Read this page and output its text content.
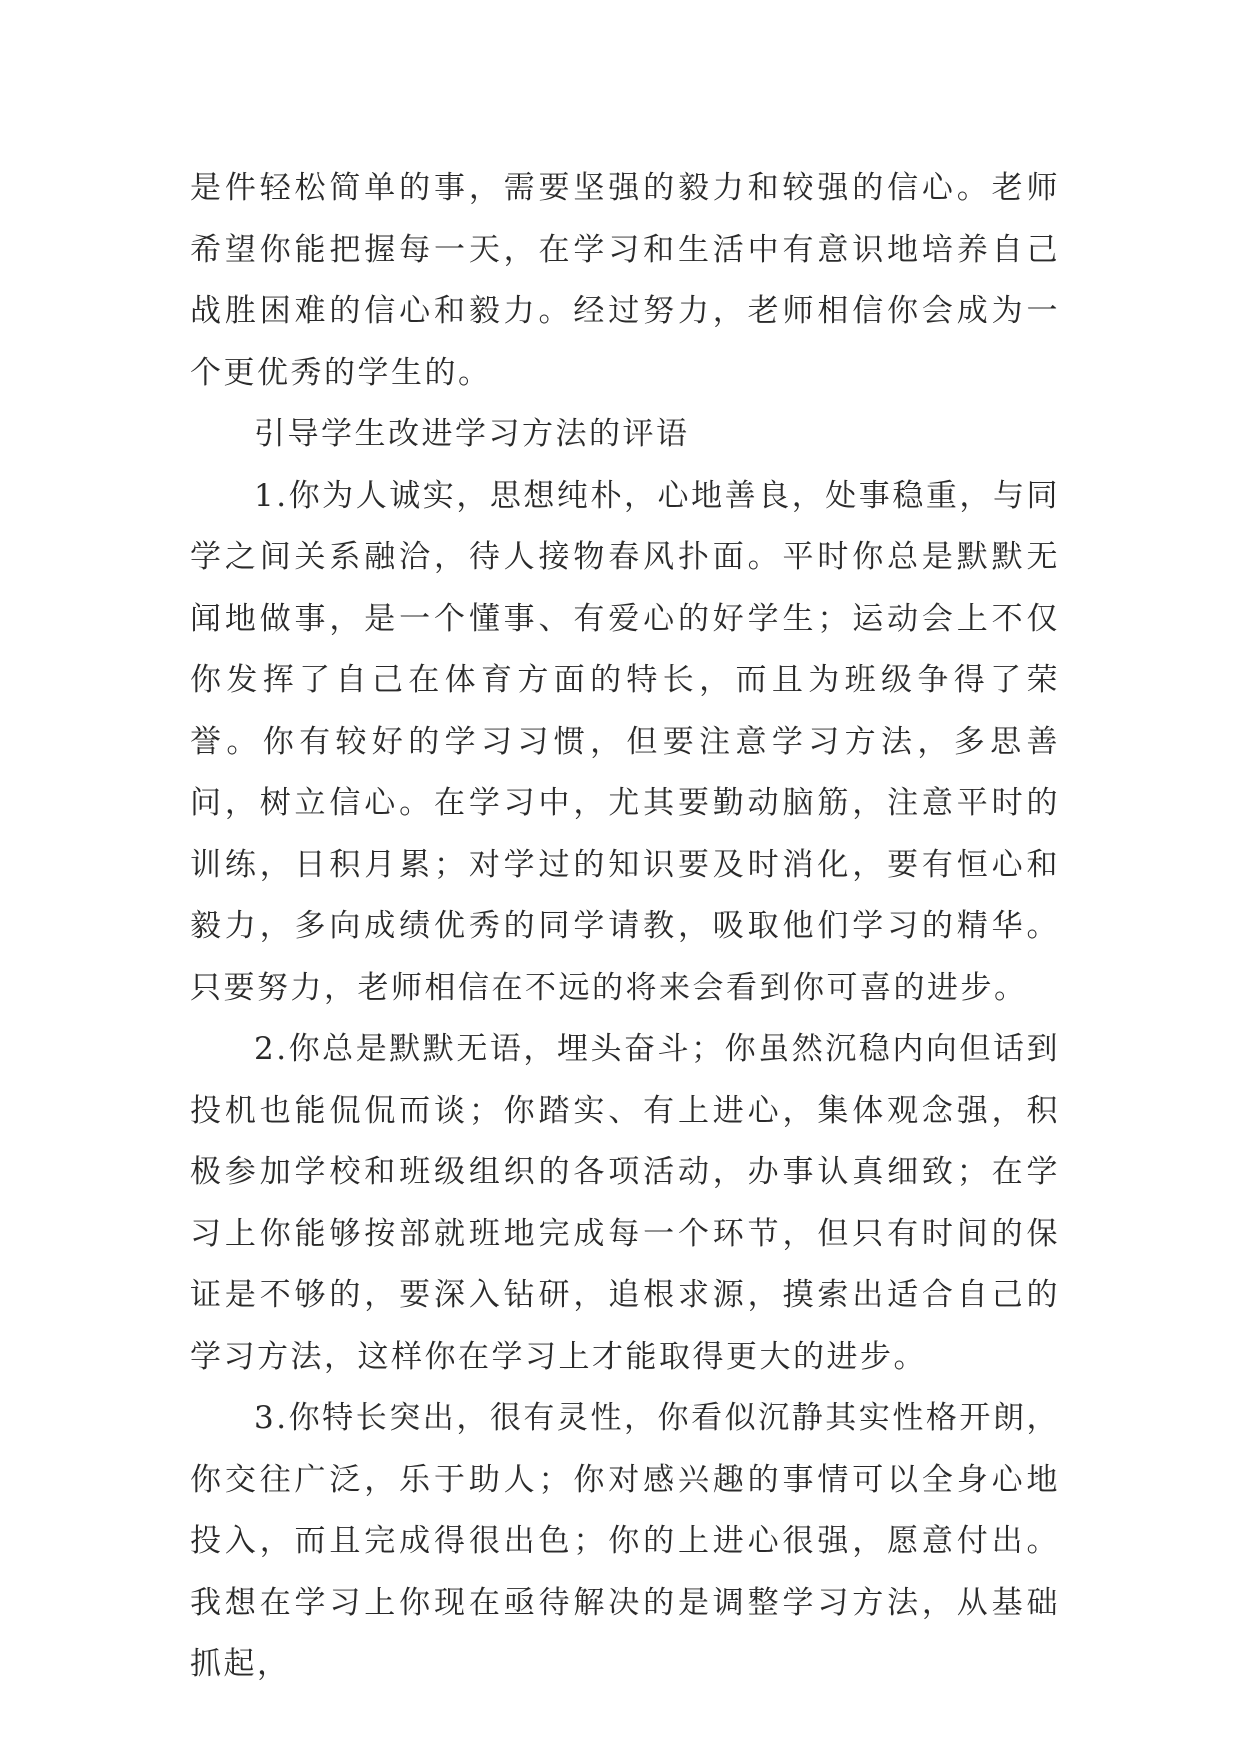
是件轻松简单的事，需要坚强的毅力和较强的信心。老师希望你能把握每一天，在学习和生活中有意识地培养自己战胜困难的信心和毅力。经过努力，老师相信你会成为一个更优秀的学生的。

引导学生改进学习方法的评语

1.你为人诚实，思想纯朴，心地善良，处事稳重，与同学之间关系融洽，待人接物春风扑面。平时你总是默默无闻地做事，是一个懂事、有爱心的好学生；运动会上不仅你发挥了自己在体育方面的特长，而且为班级争得了荣誉。你有较好的学习习惯，但要注意学习方法，多思善问，树立信心。在学习中，尤其要勤动脑筋，注意平时的训练，日积月累；对学过的知识要及时消化，要有恒心和毅力，多向成绩优秀的同学请教，吸取他们学习的精华。只要努力，老师相信在不远的将来会看到你可喜的进步。

2.你总是默默无语，埋头奋斗；你虽然沉稳内向但话到投机也能侃侃而谈；你踏实、有上进心，集体观念强，积极参加学校和班级组织的各项活动，办事认真细致；在学习上你能够按部就班地完成每一个环节，但只有时间的保证是不够的，要深入钻研，追根求源，摸索出适合自己的学习方法，这样你在学习上才能取得更大的进步。

3.你特长突出，很有灵性，你看似沉静其实性格开朗，你交往广泛，乐于助人；你对感兴趣的事情可以全身心地投入，而且完成得很出色；你的上进心很强，愿意付出。我想在学习上你现在亟待解决的是调整学习方法，从基础抓起，
